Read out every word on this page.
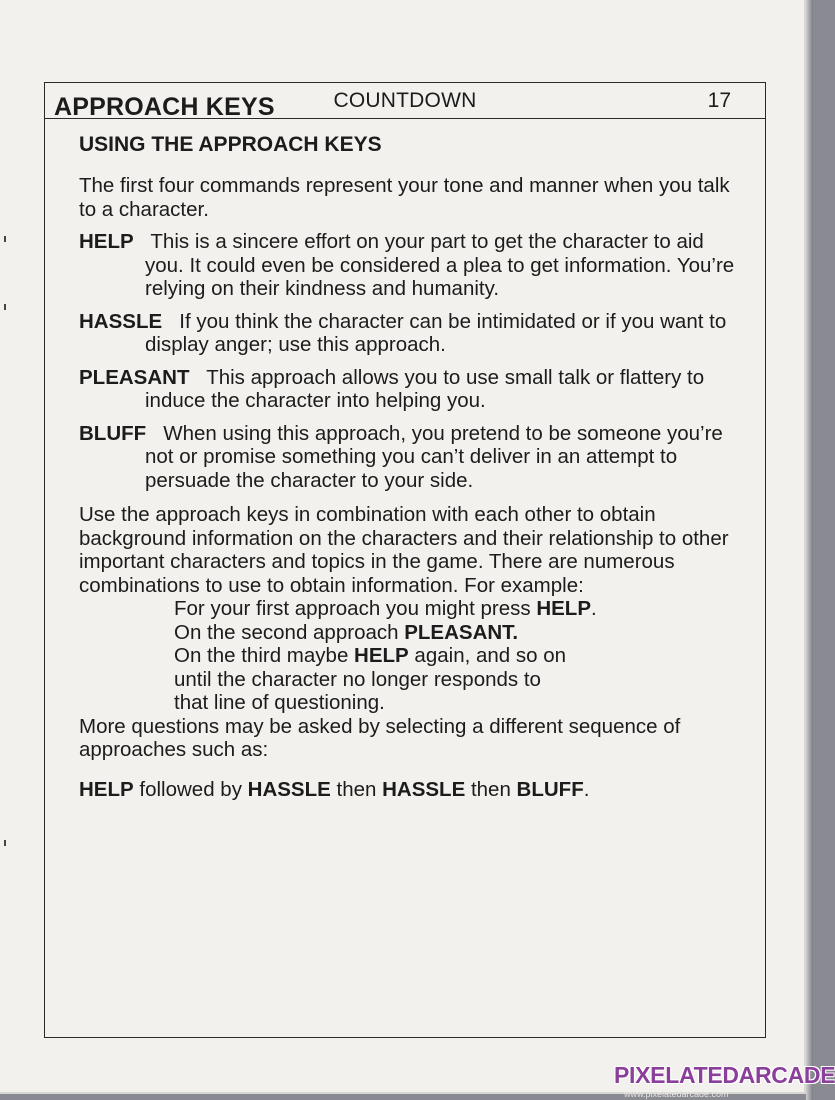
COUNTDOWN	17
APPROACH KEYS
USING THE APPROACH KEYS

The first four commands represent your tone and manner when you talk to a character.

HELP This is a sincere effort on your part to get the character to aid you. It could even be considered a plea to get information. You’re relying on their kindness and humanity.

HASSLE If you think the character can be intimidated or if you want to display anger; use this approach.

PLEASANT This approach allows you to use small talk or flattery to induce the character into helping you.

BLUFF When using this approach, you pretend to be someone you’re not or promise something you can’t deliver in an attempt to persuade the character to your side.

Use the approach keys in combination with each other to obtain background information on the characters and their relationship to other important characters and topics in the game. There are numerous combinations to use to obtain information. For example:

For your first approach you might press HELP.

On the second approach PLEASANT.

On the third maybe HELP again, and so on

until the character no longer responds to

that line of questioning.

More questions may be asked by selecting a different sequence of approaches such as:

HELP followed by HASSLE then HASSLE then BLUFF.

PIXELATEDARCADE
www.pixelatedarcade.com
